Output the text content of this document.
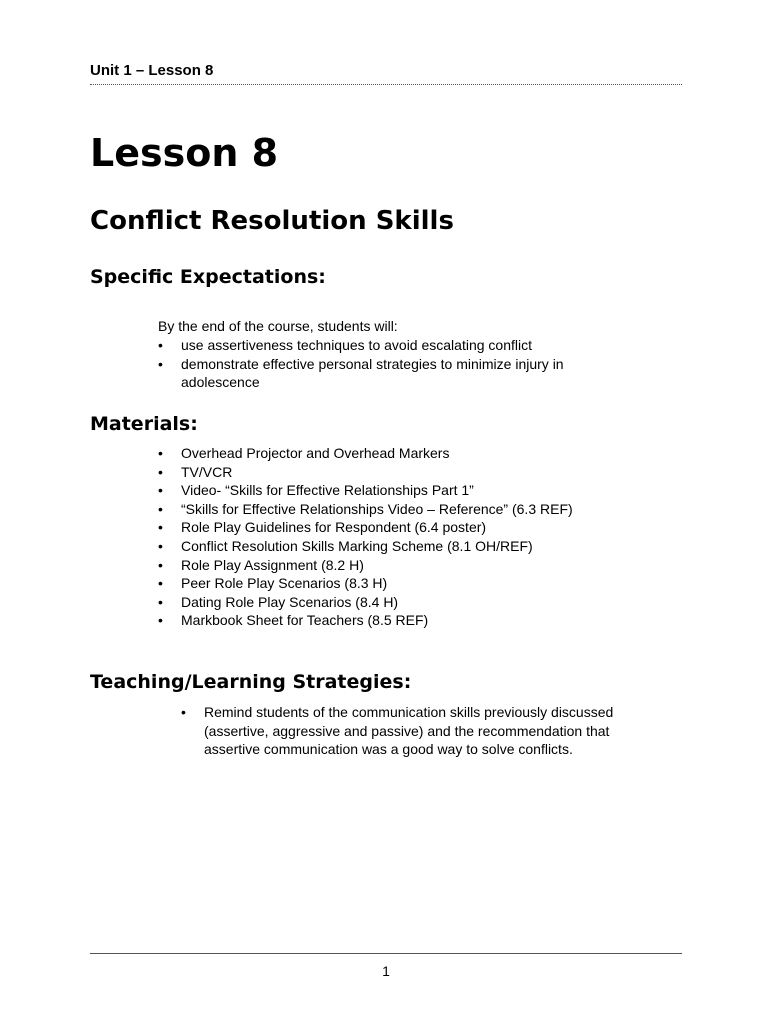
Unit 1 – Lesson 8
Lesson 8
Conflict Resolution Skills
Specific Expectations:
By the end of the course, students will:
• use assertiveness techniques to avoid escalating conflict
• demonstrate effective personal strategies to minimize injury in adolescence
Materials:
• Overhead Projector and Overhead Markers
• TV/VCR
• Video- “Skills for Effective Relationships Part 1”
• “Skills for Effective Relationships Video – Reference” (6.3 REF)
• Role Play Guidelines for Respondent (6.4 poster)
• Conflict Resolution Skills Marking Scheme (8.1 OH/REF)
• Role Play Assignment (8.2 H)
• Peer Role Play Scenarios (8.3 H)
• Dating Role Play Scenarios (8.4 H)
• Markbook Sheet for Teachers (8.5 REF)
Teaching/Learning Strategies:
• Remind students of the communication skills previously discussed (assertive, aggressive and passive) and the recommendation that assertive communication was a good way to solve conflicts.
1
